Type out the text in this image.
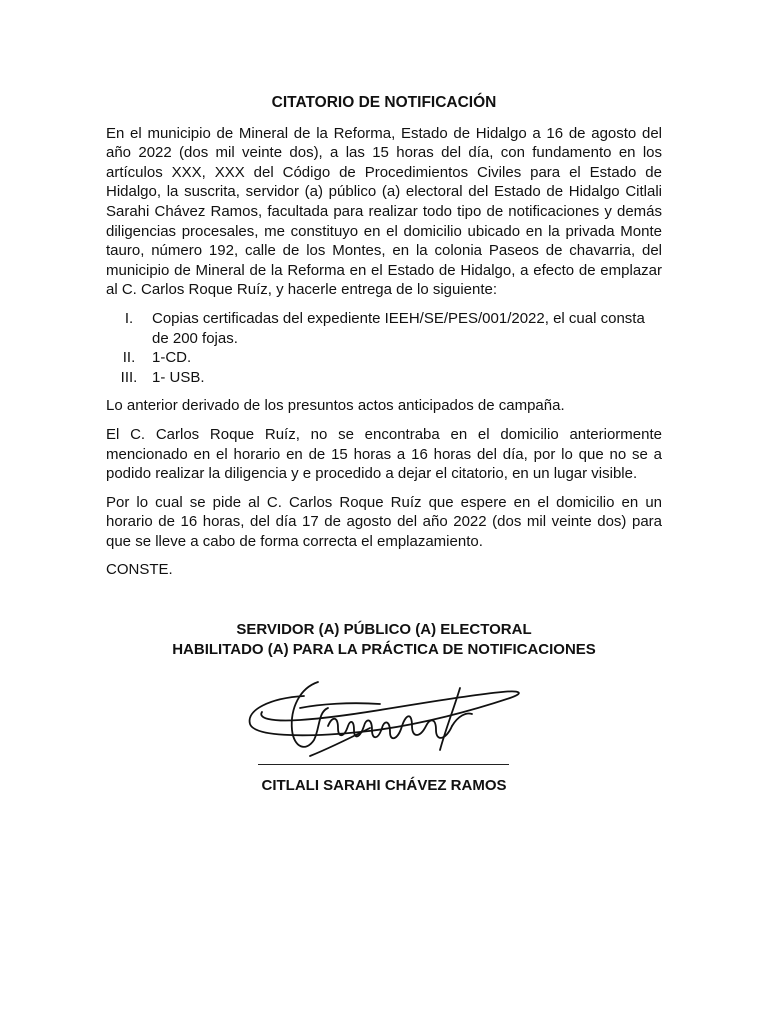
CITATORIO DE NOTIFICACIÓN

En el municipio de Mineral de la Reforma, Estado de Hidalgo a 16 de agosto del año 2022 (dos mil veinte dos), a las 15 horas del día, con fundamento en los artículos XXX, XXX del Código de Procedimientos Civiles para el Estado de Hidalgo, la suscrita, servidor (a) público (a) electoral del Estado de Hidalgo Citlali Sarahi Chávez Ramos, facultada para realizar todo tipo de notificaciones y demás diligencias procesales, me constituyo en el domicilio ubicado en la privada Monte tauro, número 192, calle de los Montes, en la colonia Paseos de chavarria, del municipio de Mineral de la Reforma en el Estado de Hidalgo, a efecto de emplazar al C. Carlos Roque Ruíz, y hacerle entrega de lo siguiente:

I.	Copias certificadas del expediente IEEH/SE/PES/001/2022, el cual consta de 200 fojas.
II.	1-CD.
III. 1- USB.

Lo anterior derivado de los presuntos actos anticipados de campaña.

El C. Carlos Roque Ruíz, no se encontraba en el domicilio anteriormente mencionado en el horario en de 15 horas a 16 horas del día, por lo que no se a podido realizar la diligencia y e procedido a dejar el citatorio, en un lugar visible.

Por lo cual se pide al C. Carlos Roque Ruíz que espere en el domicilio en un horario de 16 horas, del día 17 de agosto del año 2022 (dos mil veinte dos) para que se lleve a cabo de forma correcta el emplazamiento.

CONSTE.

SERVIDOR (A) PÚBLICO (A) ELECTORAL
HABILITADO (A) PARA LA PRÁCTICA DE NOTIFICACIONES
CITLALI SARAHI CHÁVEZ RAMOS
